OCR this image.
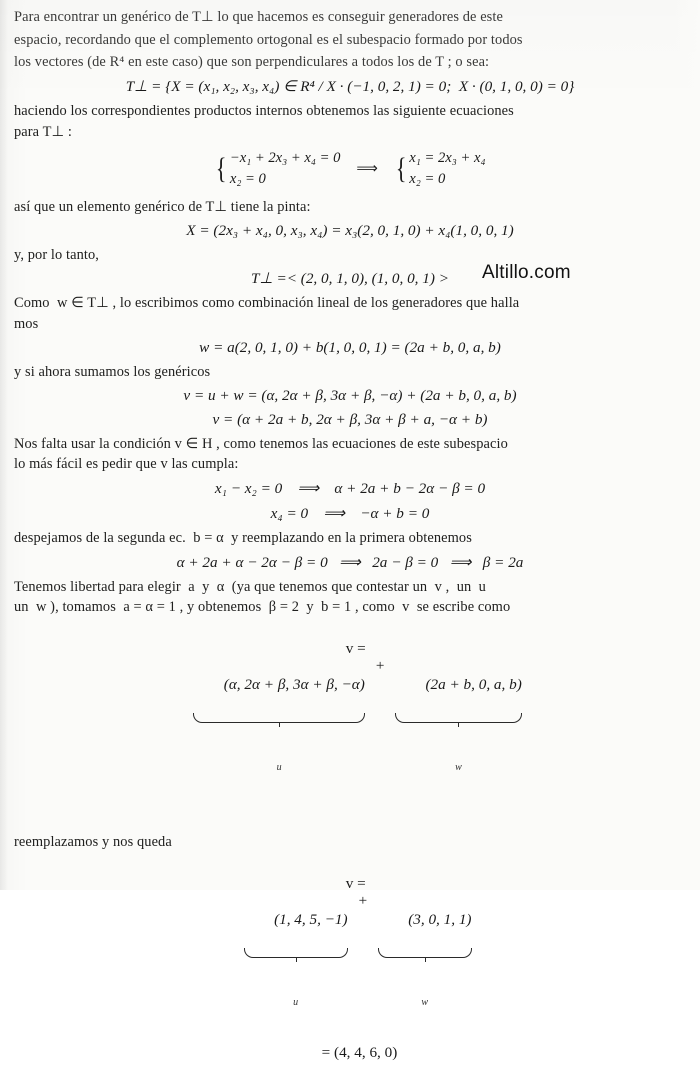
Para encontrar un genérico de T⊥ lo que hacemos es conseguir generadores de este
espacio, recordando que el complemento ortogonal es el subespacio formado por todos
los vectores (de R⁴ en este caso) que son perpendiculares a todos los de T ; o sea:
T⊥ = {X = (x₁, x₂, x₃, x₄) ∈ R⁴ / X · (−1, 0, 2, 1) = 0;  X · (0, 1, 0, 0) = 0}
haciendo los correspondientes productos internos obtenemos las siguiente ecuaciones
para T⊥ :
{ −x₁ + 2x₃ + x₄ = 0
x₂ = 0
⟹ { x₁ = 2x₃ + x₄
x₂ = 0
así que un elemento genérico de T⊥ tiene la pinta:
X = (2x₃ + x₄, 0, x₃, x₄) = x₃(2, 0, 1, 0) + x₄(1, 0, 0, 1)
y, por lo tanto,
T⊥ =< (2, 0, 1, 0), (1, 0, 0, 1) >
Como  w ∈ T⊥ , lo escribimos como combinación lineal de los generadores que halla
mos
w = a(2, 0, 1, 0) + b(1, 0, 0, 1) = (2a + b, 0, a, b)
y si ahora sumamos los genéricos
v = u + w = (α, 2α + β, 3α + β, −α) + (2a + b, 0, a, b)
v = (α + 2a + b, 2α + β, 3α + β + a, −α + b)
Nos falta usar la condición v ∈ H , como tenemos las ecuaciones de este subespacio
lo más fácil es pedir que v las cumpla:
x₁ − x₂ = 0    ⟹    α + 2a + b − 2α − β = 0
x₄ = 0    ⟹    −α + b = 0
despejamos de la segunda ec.  b = α  y reemplazando en la primera obtenemos
α + 2a + α − 2α − β = 0   ⟹   2a − β = 0   ⟹   β = 2a
Tenemos libertad para elegir  a  y  α  (ya que tenemos que contestar un  v ,  un  u
un  w ), tomamos  a = α = 1 , y obtenemos  β = 2  y  b = 1 , como  v  se escribe como

v =

(α, 2α + β, 3α + β, −α)

u

+

(2a + b, 0, a, b)

w

reemplazamos y nos queda

v =

(1, 4, 5, −1)

u

+

(3, 0, 1, 1)

w

= (4, 4, 6, 0)

Altillo.com
